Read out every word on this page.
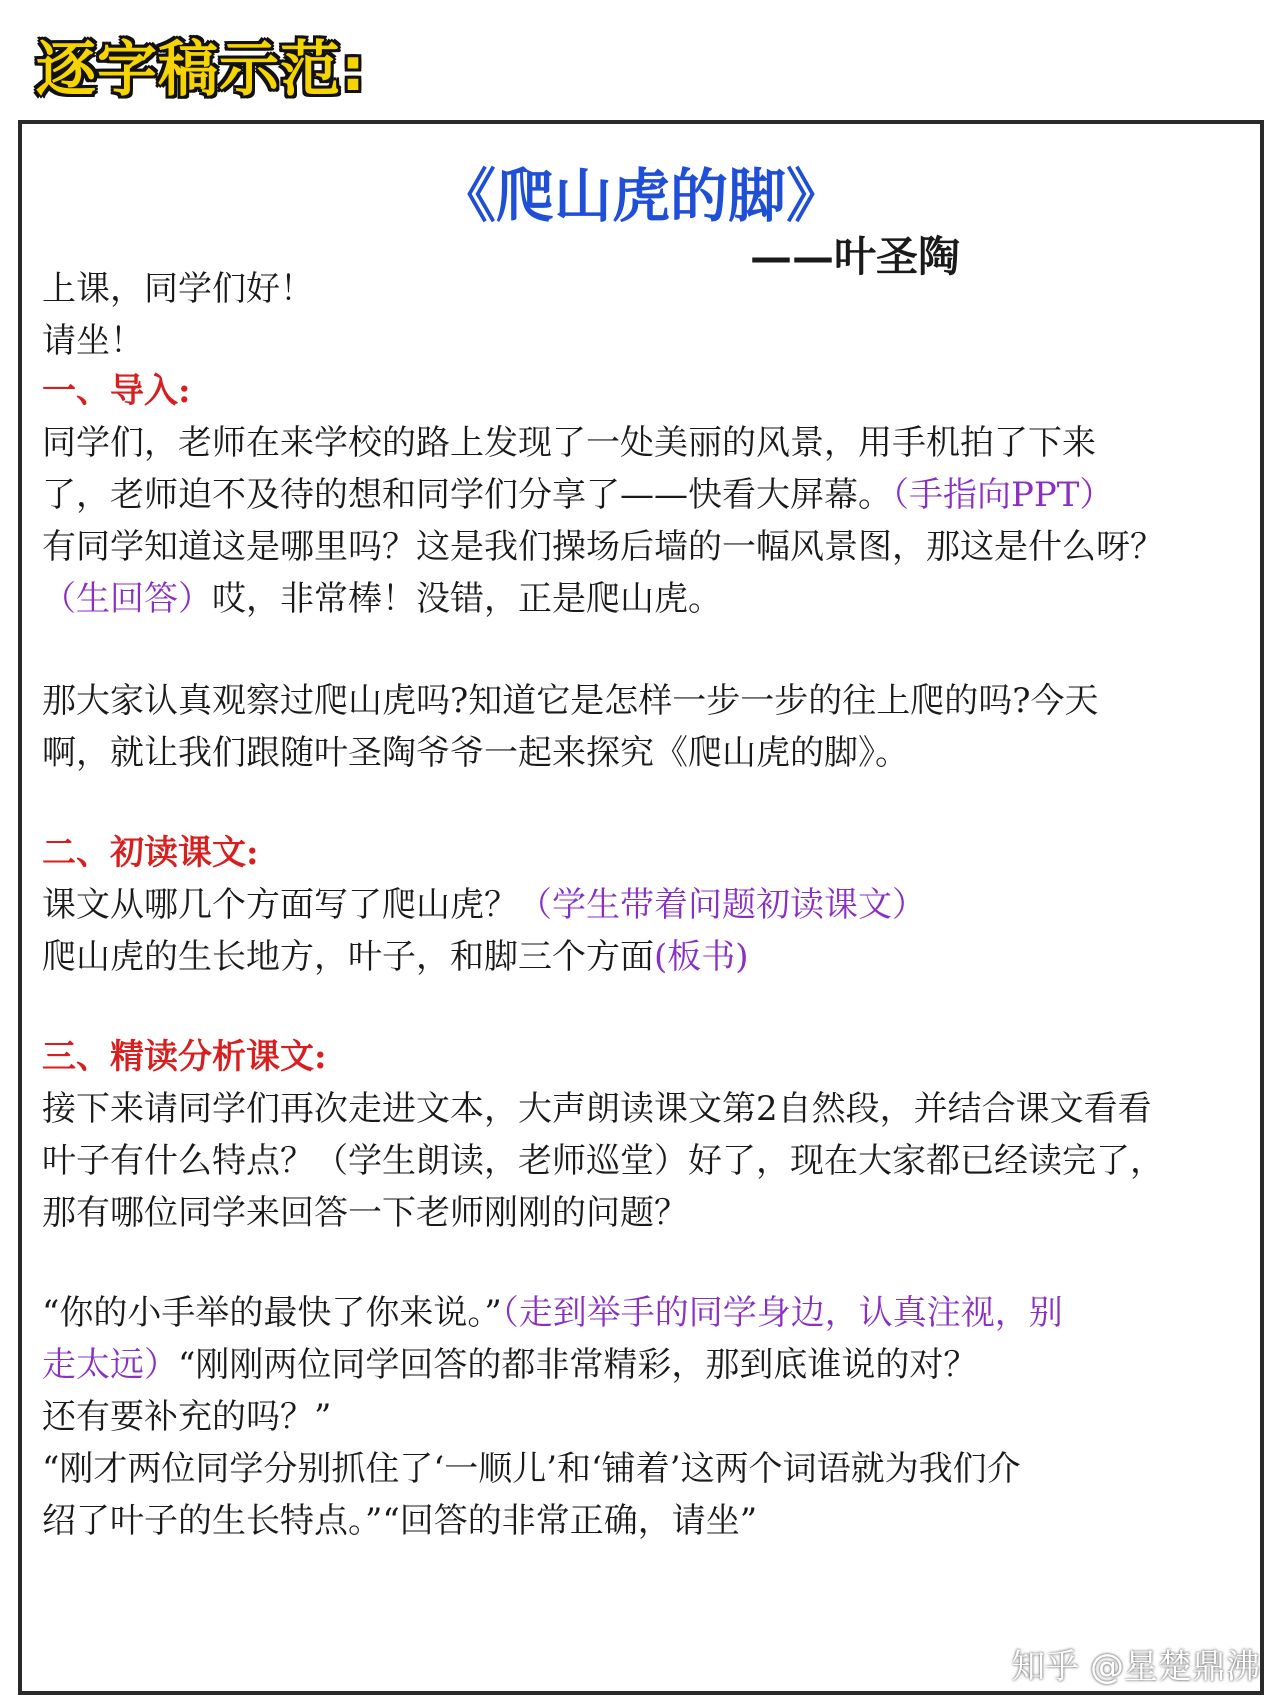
逐字稿示范:
《爬山虎的脚》
——叶圣陶
上课，同学们好！
请坐！
一、导入:
同学们，老师在来学校的路上发现了一处美丽的风景，用手机拍了下来
了，老师迫不及待的想和同学们分享了——快看大屏幕。（手指向PPT）
有同学知道这是哪里吗？这是我们操场后墙的一幅风景图，那这是什么呀？
（生回答）哎，非常棒！没错，正是爬山虎。
那大家认真观察过爬山虎吗?知道它是怎样一步一步的往上爬的吗?今天
啊，就让我们跟随叶圣陶爷爷一起来探究《爬山虎的脚》。
二、初读课文:
课文从哪几个方面写了爬山虎？（学生带着问题初读课文）
爬山虎的生长地方，叶子，和脚三个方面(板书)
三、精读分析课文:
接下来请同学们再次走进文本，大声朗读课文第2自然段，并结合课文看看
叶子有什么特点？（学生朗读，老师巡堂）好了，现在大家都已经读完了，
那有哪位同学来回答一下老师刚刚的问题？
“你的小手举的最快了你来说。”（走到举手的同学身边，认真注视，别
走太远）“刚刚两位同学回答的都非常精彩，那到底谁说的对？
还有要补充的吗？”
“刚才两位同学分别抓住了‘一顺儿’和‘铺着’这两个词语就为我们介
绍了叶子的生长特点。”“回答的非常正确，请坐”
知乎 @星楚鼎沸
